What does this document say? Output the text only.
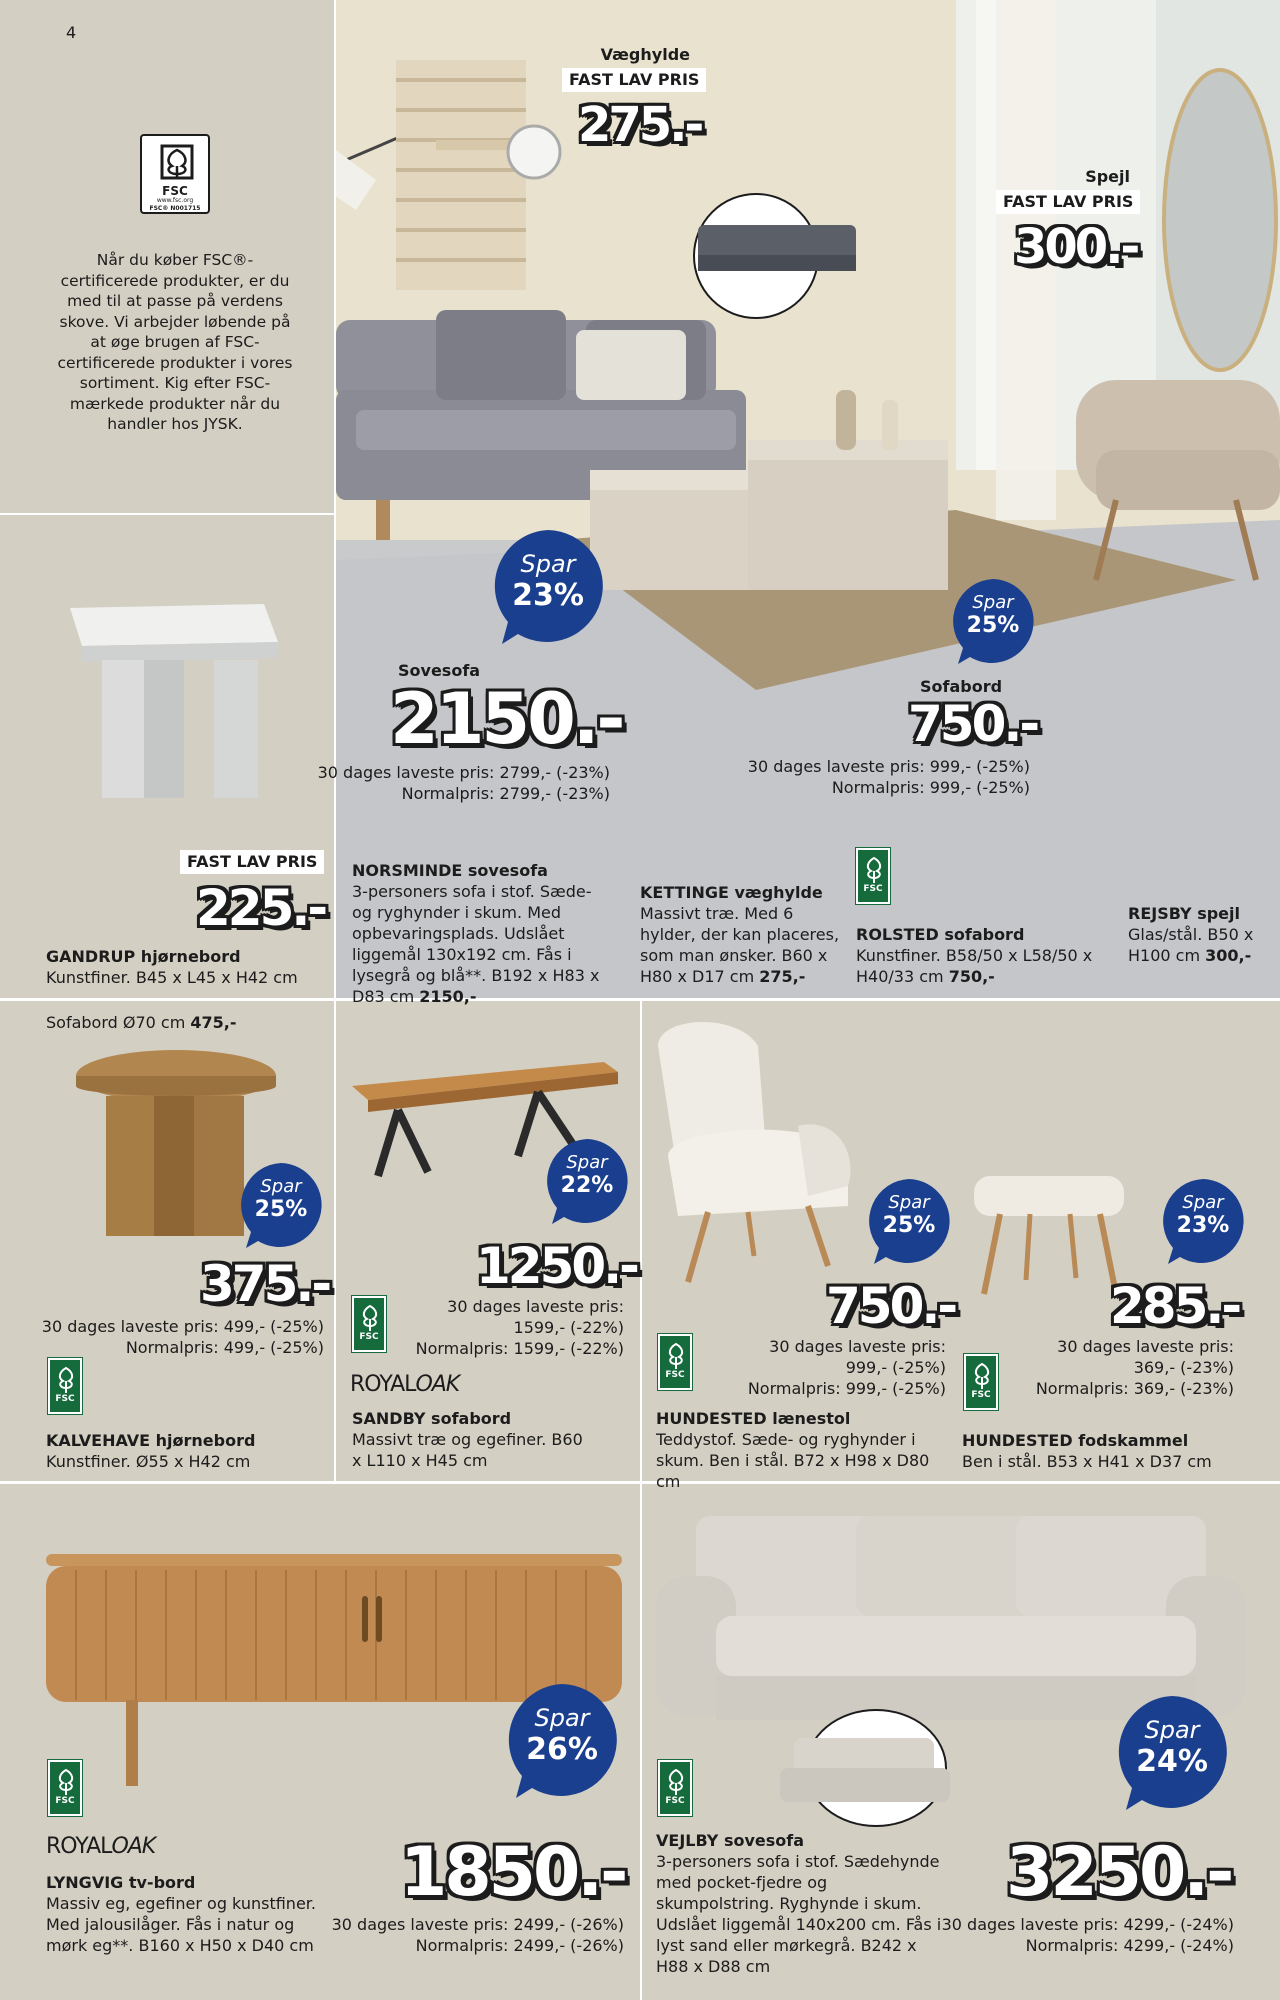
4
FSC
www.fsc.org
FSC® N001715
Når du køber FSC®-certificerede produkter, er du med til at passe på verdens skove. Vi arbejder løbende på at øge brugen af FSC-certificerede produkter i vores sortiment. Kig efter FSC-mærkede produkter når du handler hos JYSK.
FAST LAV PRIS
225.-
GANDRUP hjørnebord
Kunstfiner. B45 x L45 x H42 cm
Væghylde
FAST LAV PRIS
275.-
Spejl
FAST LAV PRIS
300.-
Spar
23%
Sovesofa
2150.-
30 dages laveste pris: 2799,- (-23%)
Normalpris: 2799,- (-23%)
Spar
25%
Sofabord
750.-
30 dages laveste pris: 999,- (-25%)
Normalpris: 999,- (-25%)
NORSMINDE sovesofa
3-personers sofa i stof. Sæde- og ryghynder i skum. Med opbevaringsplads. Udslået liggemål 130x192 cm. Fås i lysegrå og blå**. B192 x H83 x D83 cm 2150,-
KETTINGE væghylde
Massivt træ. Med 6 hylder, der kan placeres, som man ønsker. B60 x H80 x D17 cm 275,-
FSC
ROLSTED sofabord
Kunstfiner. B58/50 x L58/50 x H40/33 cm 750,-
REJSBY spejl
Glas/stål. B50 x H100 cm 300,-
Sofabord Ø70 cm 475,-
Spar
25%
375.-
30 dages laveste pris: 499,- (-25%)
Normalpris: 499,- (-25%)
FSC
KALVEHAVE hjørnebord
Kunstfiner. Ø55 x H42 cm
Spar
22%
1250.-
30 dages laveste pris:
1599,- (-22%)
Normalpris: 1599,- (-22%)
FSC
ROYALOAK
SANDBY sofabord
Massivt træ og egefiner. B60 x L110 x H45 cm
Spar
25%
750.-
30 dages laveste pris:
999,- (-25%)
Normalpris: 999,- (-25%)
FSC
HUNDESTED lænestol
Teddystof. Sæde- og ryghynder i skum. Ben i stål. B72 x H98 x D80 cm
Spar
23%
285.-
30 dages laveste pris:
369,- (-23%)
Normalpris: 369,- (-23%)
FSC
HUNDESTED fodskammel
Ben i stål. B53 x H41 x D37 cm
Spar
26%
FSC
ROYALOAK	1850.-
LYNGVIG tv-bord
Massiv eg, egefiner og kunstfiner. Med jalousilåger. Fås i natur og mørk eg**. B160 x H50 x D40 cm
30 dages laveste pris: 2499,- (-26%)
Normalpris: 2499,- (-26%)
Spar
24%
FSC
VEJLBY sovesofa
3-personers sofa i stof. Sædehynde med pocket-fjedre og skumpolstring. Ryghynde i skum. Udslået liggemål 140x200 cm. Fås i lyst sand eller mørkegrå. B242 x H88 x D88 cm
3250.-
30 dages laveste pris: 4299,- (-24%)
Normalpris: 4299,- (-24%)
